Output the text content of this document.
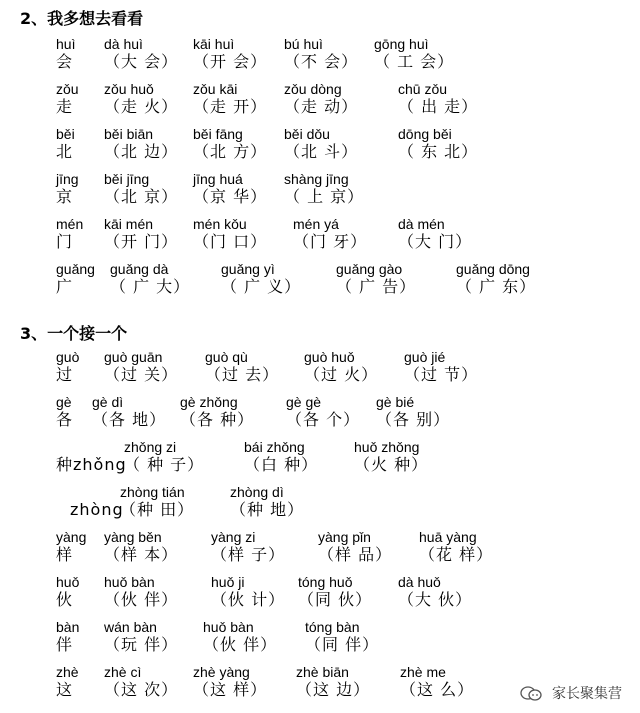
2、我多想去看看
huì
会
dà huì
（大 会）
kāi huì
（开 会）
bú huì
（不 会）
gōng huì
（ 工 会）
zǒu
走
zǒu huǒ
（走 火）
zǒu kāi
（走 开）
zǒu dòng
（走 动）
chū zǒu
（ 出 走）
běi
北
běi biān
（北 边）
běi fāng
（北 方）
běi dǒu
（北 斗）
dōng běi
（ 东 北）
jīng
京
běi jīng
（北 京）
jīng huá
（京 华）
shàng jīng
（ 上 京）
mén
门
kāi mén
（开 门）
mén kǒu
（门 口）
mén yá
（门 牙）
dà mén
（大 门）
guǎng
广
guǎng dà
（ 广 大）
guǎng yì
（ 广 义）
guǎng gào
（ 广 告）
guǎng dōng
（ 广 东）
3、一个接一个
guò
过
guò guān
（过 关）
guò qù
（过 去）
guò huǒ
（过 火）
guò jié
（过 节）
gè
各
gè dì
（各 地）
gè zhǒng
（各 种）
gè gè
（各 个）
gè bié
（各 别）
种zhǒng
zhǒng zi
（ 种 子）
bái zhǒng
（白 种）
huǒ zhǒng
（火 种）
zhòng
zhòng tián
（种 田）
zhòng dì
（种 地）
yàng
样
yàng běn
（样 本）
yàng zi
（样 子）
yàng pǐn
（样 品）
huā yàng
（花 样）
huǒ
伙
huǒ bàn
（伙 伴）
huǒ ji
（伙 计）
tóng huǒ
（同 伙）
dà huǒ
（大 伙）
bàn
伴
wán bàn
（玩 伴）
huǒ bàn
（伙 伴）
tóng bàn
（同 伴）
zhè
这
zhè cì
（这 次）
zhè yàng
（这 样）
zhè biān
（这 边）
zhè me
（这 么）	家长聚集营
